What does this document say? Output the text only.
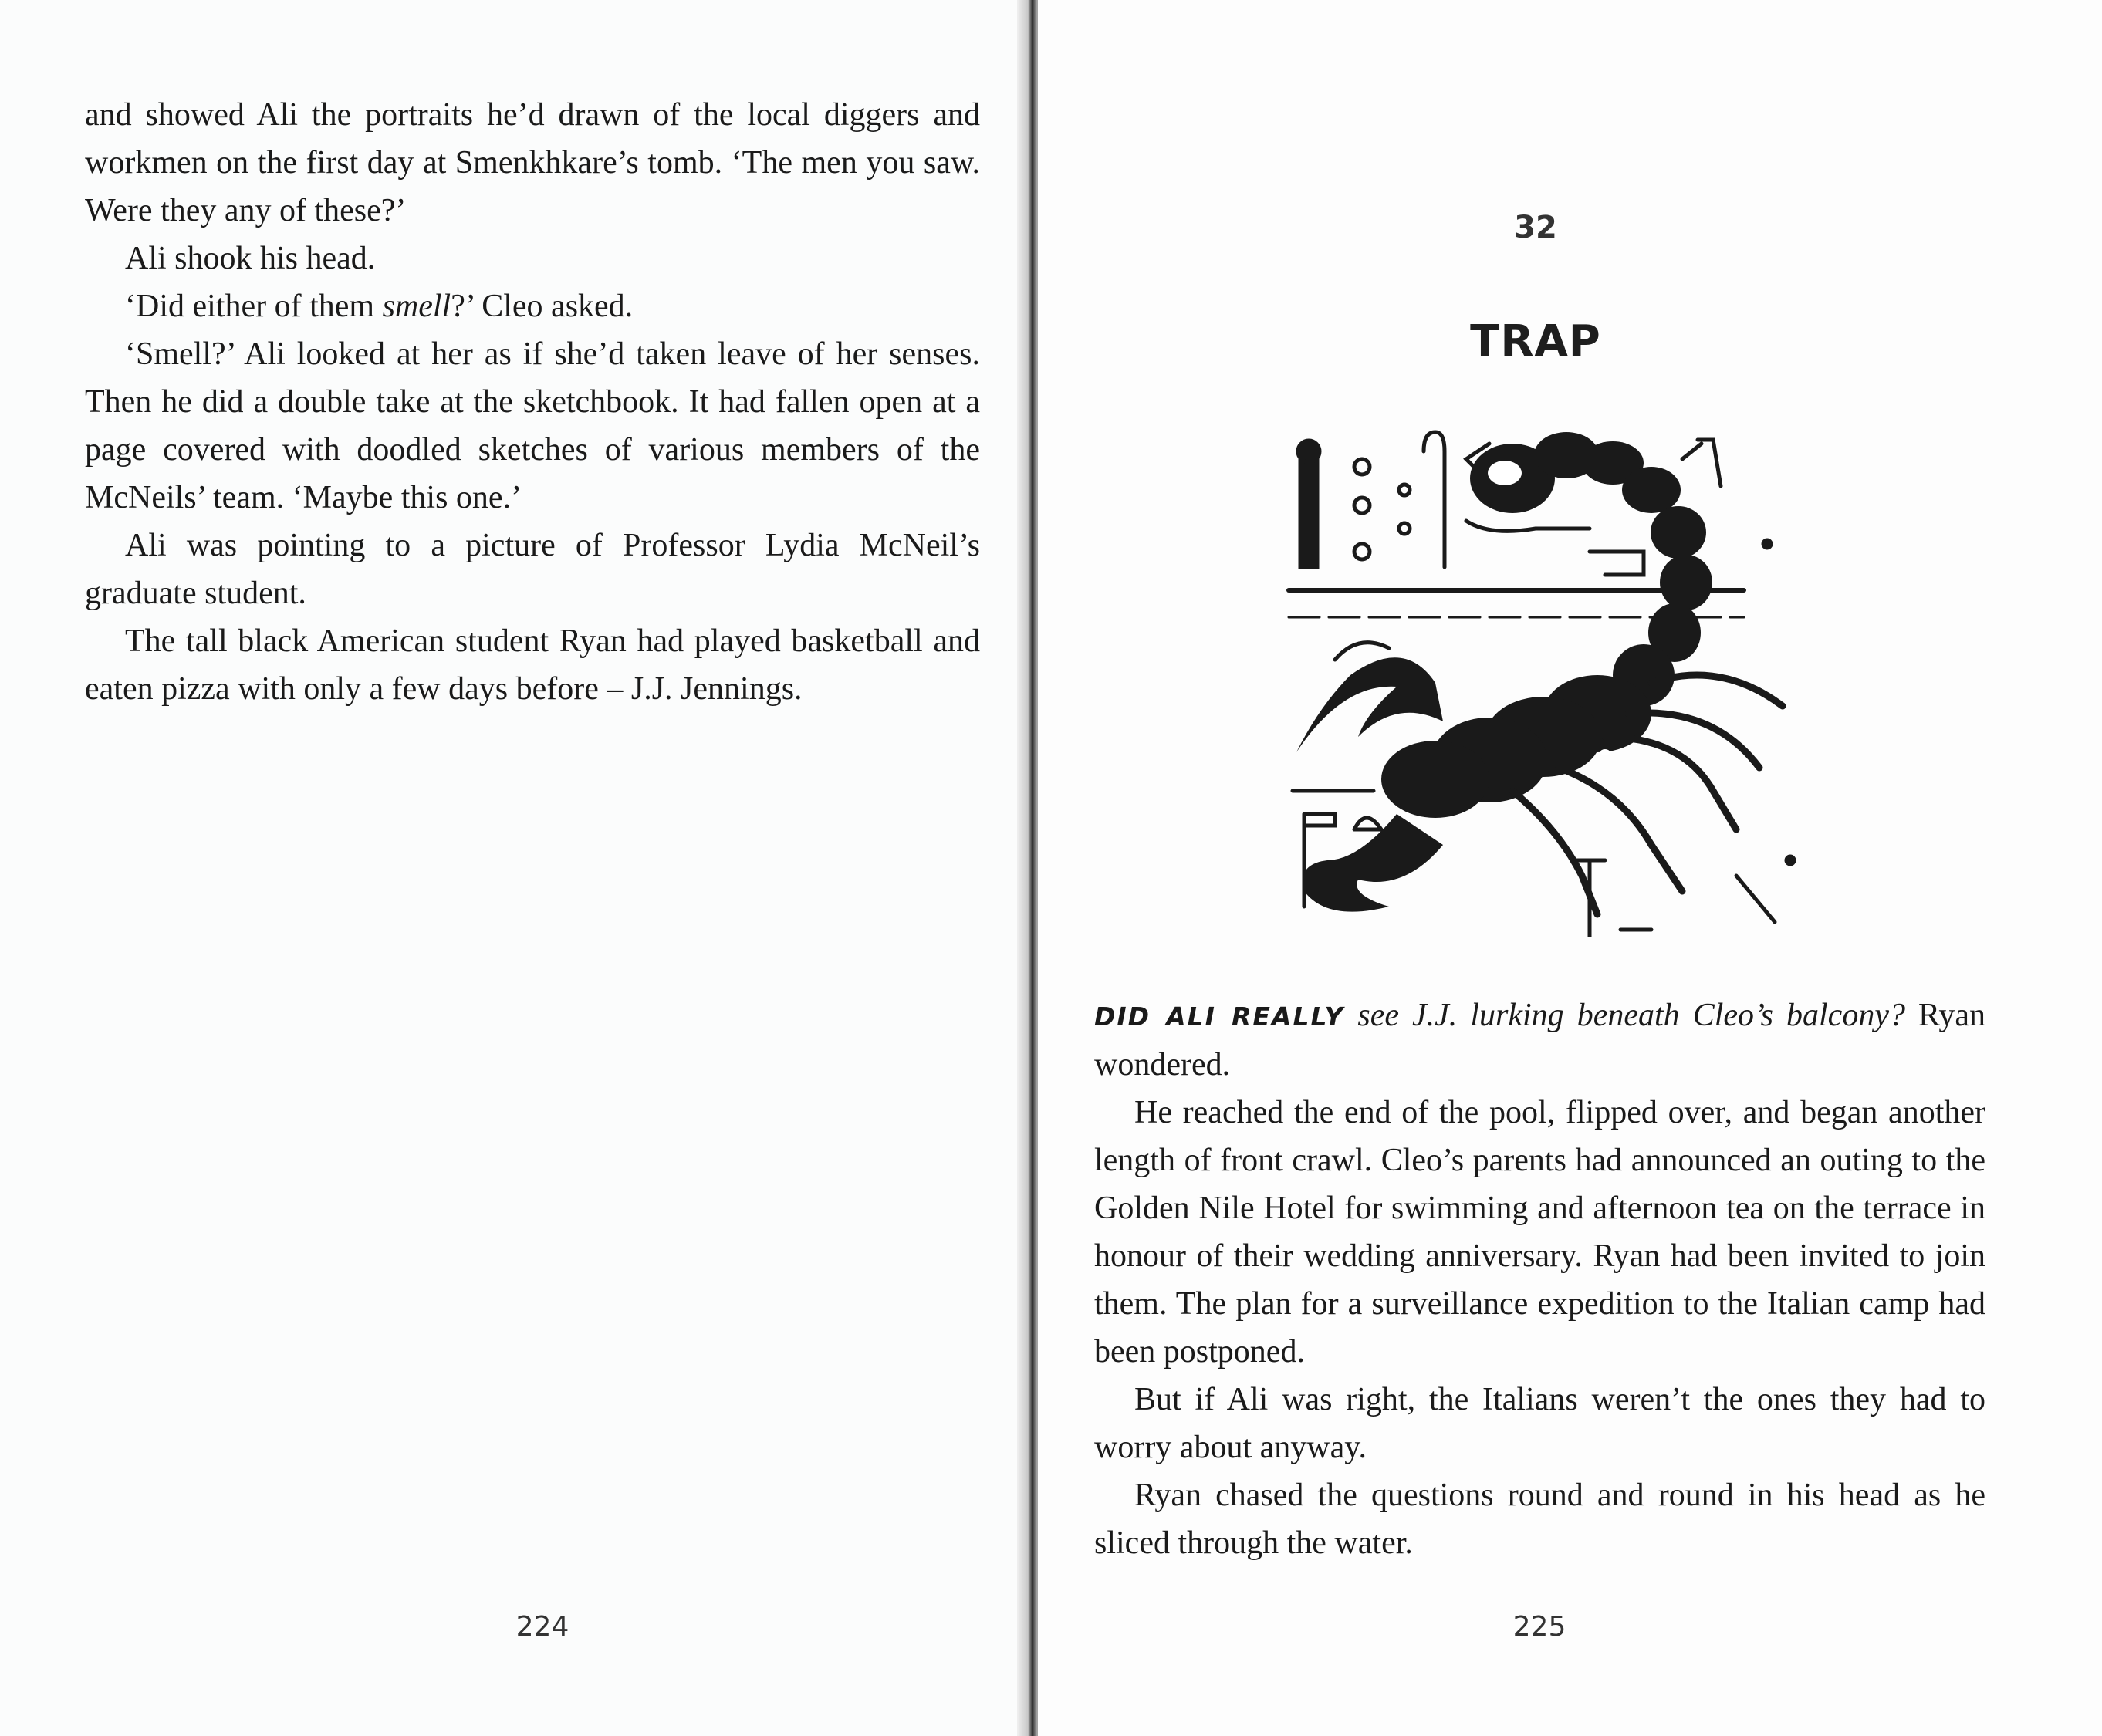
and showed Ali the portraits he’d drawn of the local diggers and workmen on the first day at Smenkhkare’s tomb. ‘The men you saw. Were they any of these?’

Ali shook his head.

‘Did either of them smell?’ Cleo asked.

‘Smell?’ Ali looked at her as if she’d taken leave of her senses. Then he did a double take at the sketchbook. It had fallen open at a page covered with doodled sketches of various members of the McNeils’ team. ‘Maybe this one.’

Ali was pointing to a picture of Professor Lydia McNeil’s graduate student.

The tall black American student Ryan had played basketball and eaten pizza with only a few days before – J.J. Jennings.

224
32
TRAP

DID ALI REALLY see J.J. lurking beneath Cleo’s balcony? Ryan wondered.

He reached the end of the pool, flipped over, and began another length of front crawl. Cleo’s parents had announced an outing to the Golden Nile Hotel for swimming and afternoon tea on the terrace in honour of their wedding anniversary. Ryan had been invited to join them. The plan for a surveillance expedition to the Italian camp had been postponed.

But if Ali was right, the Italians weren’t the ones they had to worry about anyway.

Ryan chased the questions round and round in his head as he sliced through the water.

225
